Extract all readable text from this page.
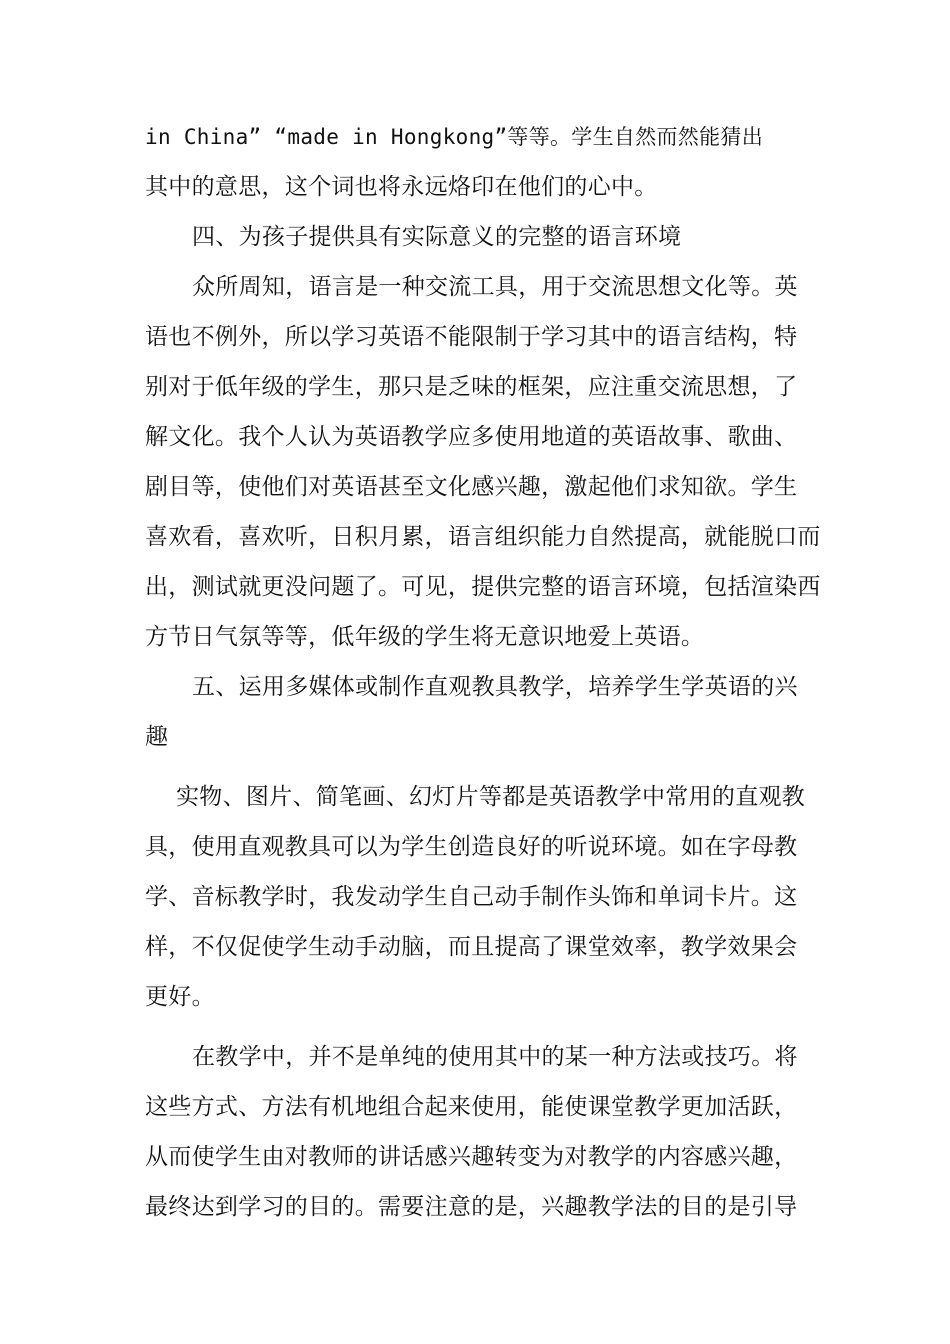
in China” “made in Hongkong”等等。学生自然而然能猜出
其中的意思，这个词也将永远烙印在他们的心中。
四、为孩子提供具有实际意义的完整的语言环境
众所周知，语言是一种交流工具，用于交流思想文化等。英
语也不例外，所以学习英语不能限制于学习其中的语言结构，特
别对于低年级的学生，那只是乏味的框架，应注重交流思想，了
解文化。我个人认为英语教学应多使用地道的英语故事、歌曲、
剧目等，使他们对英语甚至文化感兴趣，激起他们求知欲。学生
喜欢看，喜欢听，日积月累，语言组织能力自然提高，就能脱口而
出，测试就更没问题了。可见，提供完整的语言环境，包括渲染西
方节日气氛等等，低年级的学生将无意识地爱上英语。
五、运用多媒体或制作直观教具教学，培养学生学英语的兴
趣
实物、图片、简笔画、幻灯片等都是英语教学中常用的直观教
具，使用直观教具可以为学生创造良好的听说环境。如在字母教
学、音标教学时，我发动学生自己动手制作头饰和单词卡片。这
样，不仅促使学生动手动脑，而且提高了课堂效率，教学效果会
更好。
在教学中，并不是单纯的使用其中的某一种方法或技巧。将
这些方式、方法有机地组合起来使用，能使课堂教学更加活跃，
从而使学生由对教师的讲话感兴趣转变为对教学的内容感兴趣，
最终达到学习的目的。需要注意的是，兴趣教学法的目的是引导
